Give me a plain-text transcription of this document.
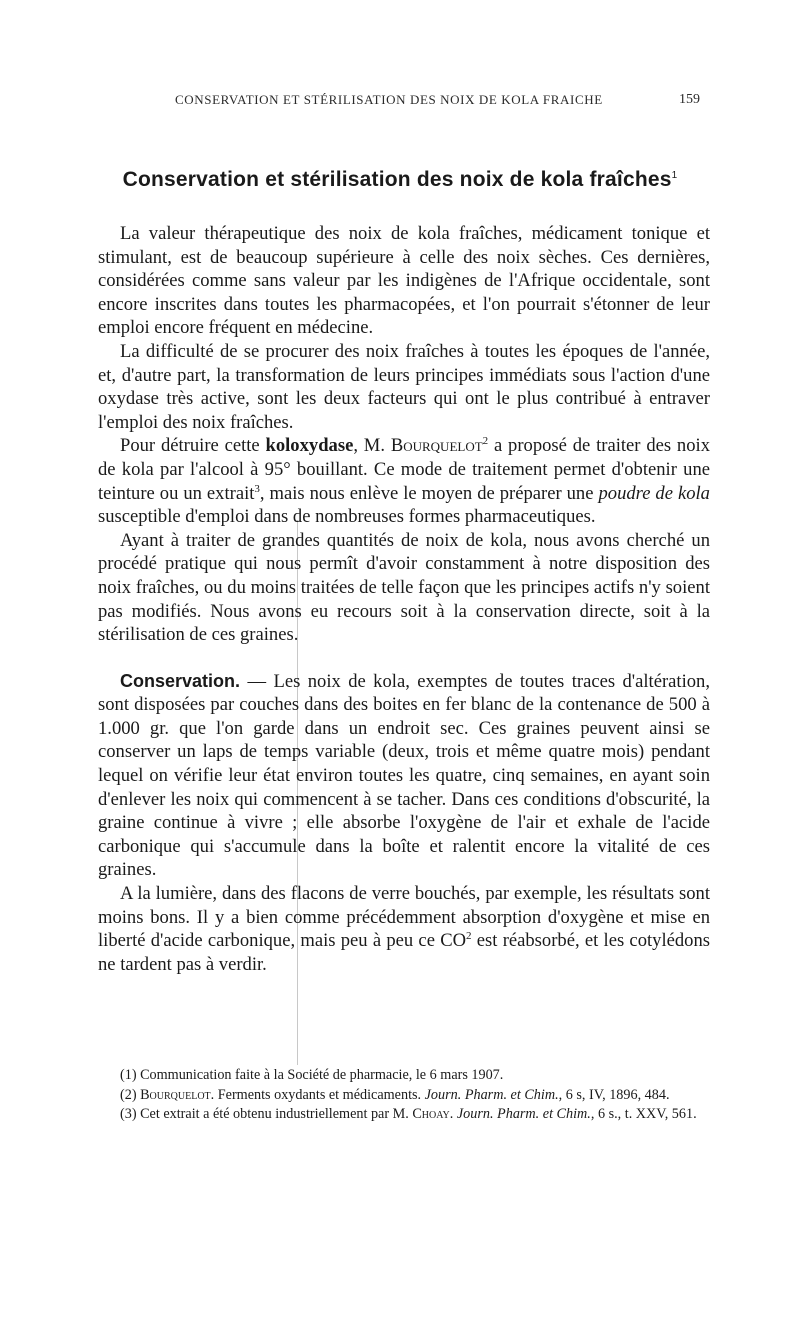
CONSERVATION ET STÉRILISATION DES NOIX DE KOLA FRAICHE	159
Conservation et stérilisation des noix de kola fraîches$^1$

La valeur thérapeutique des noix de kola fraîches, médicament tonique et stimulant, est de beaucoup supérieure à celle des noix sèches. Ces dernières, considérées comme sans valeur par les indigènes de l'Afrique occidentale, sont encore inscrites dans toutes les pharmacopées, et l'on pourrait s'étonner de leur emploi encore fréquent en médecine.

La difficulté de se procurer des noix fraîches à toutes les époques de l'année, et, d'autre part, la transformation de leurs principes immédiats sous l'action d'une oxydase très active, sont les deux facteurs qui ont le plus contribué à entraver l'emploi des noix fraîches.

Pour détruire cette koloxydase, M. Bourquelot$^2$ a proposé de traiter des noix de kola par l'alcool à 95° bouillant. Ce mode de traitement permet d'obtenir une teinture ou un extrait$^3$, mais nous enlève le moyen de préparer une poudre de kola susceptible d'emploi dans de nombreuses formes pharmaceutiques.

Ayant à traiter de grandes quantités de noix de kola, nous avons cherché un procédé pratique qui nous permît d'avoir constamment à notre disposition des noix fraîches, ou du moins traitées de telle façon que les principes actifs n'y soient pas modifiés. Nous avons eu recours soit à la conservation directe, soit à la stérilisation de ces graines.

Conservation. — Les noix de kola, exemptes de toutes traces d'altération, sont disposées par couches dans des boites en fer blanc de la contenance de 500 à 1.000 gr. que l'on garde dans un endroit sec. Ces graines peuvent ainsi se conserver un laps de temps variable (deux, trois et même quatre mois) pendant lequel on vérifie leur état environ toutes les quatre, cinq semaines, en ayant soin d'enlever les noix qui commencent à se tacher. Dans ces conditions d'obscurité, la graine continue à vivre ; elle absorbe l'oxygène de l'air et exhale de l'acide carbonique qui s'accumule dans la boîte et ralentit encore la vitalité de ces graines.

A la lumière, dans des flacons de verre bouchés, par exemple, les résultats sont moins bons. Il y a bien comme précédemment absorption d'oxygène et mise en liberté d'acide carbonique, mais peu à peu ce $CO^2$ est réabsorbé, et les cotylédons ne tardent pas à verdir.

(1) Communication faite à la Société de pharmacie, le 6 mars 1907.

(2) Bourquelot. Ferments oxydants et médicaments. Journ. Pharm. et Chim., 6 s, IV, 1896, 484.

(3) Cet extrait a été obtenu industriellement par M. Choay. Journ. Pharm. et Chim., 6 s., t. XXV, 561.
